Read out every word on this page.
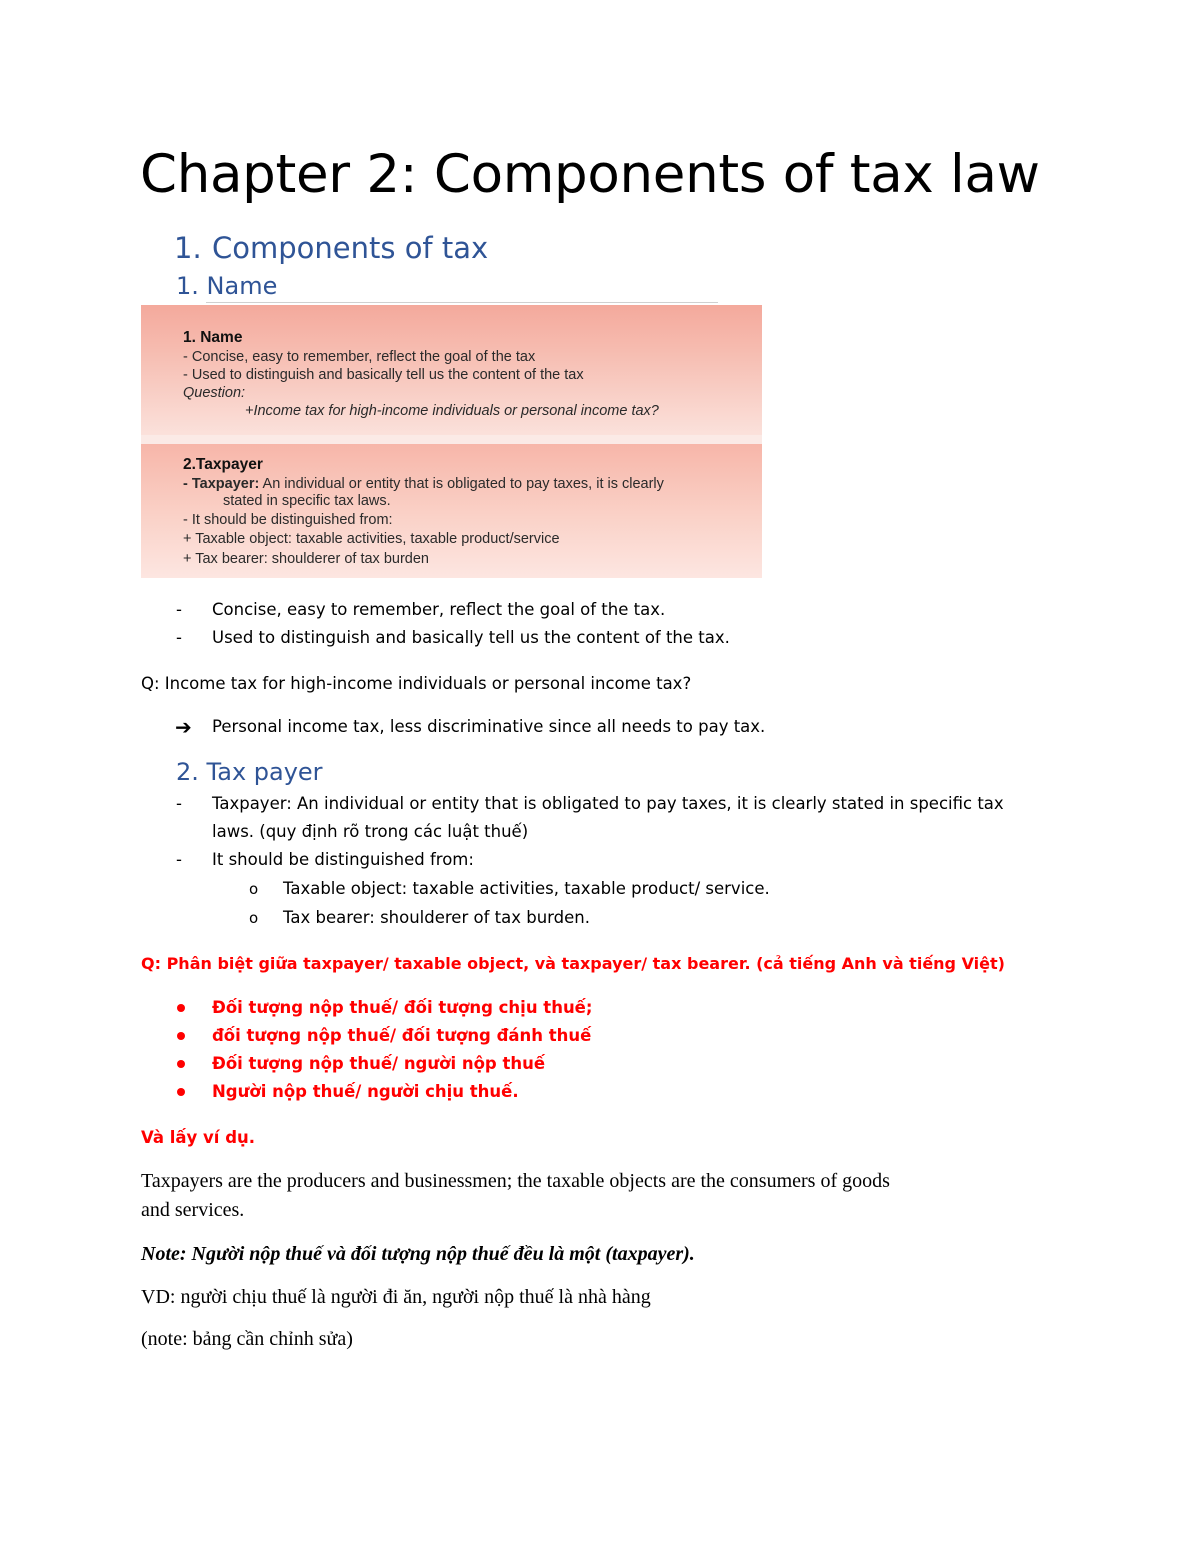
Chapter 2: Components of tax law
1. Components of tax
1. Name
1. Name
- Concise, easy to remember, reflect the goal of the tax
- Used to distinguish and basically tell us the content of the tax
Question:
+Income tax for high-income individuals or personal income tax?
2.Taxpayer
- Taxpayer: An individual or entity that is obligated to pay taxes, it is clearly
stated in specific tax laws.
- It should be distinguished from:
+ Taxable object: taxable activities, taxable product/service
+ Tax bearer: shoulderer of tax burden
- Concise, easy to remember, reflect the goal of the tax.
- Used to distinguish and basically tell us the content of the tax.
Q: Income tax for high-income individuals or personal income tax?
➔ Personal income tax, less discriminative since all needs to pay tax.
2. Tax payer
- Taxpayer: An individual or entity that is obligated to pay taxes, it is clearly stated in specific tax
laws. (quy định rõ trong các luật thuế)
- It should be distinguished from:
o Taxable object: taxable activities, taxable product/ service.
o Tax bearer: shoulderer of tax burden.
Q: Phân biệt giữa taxpayer/ taxable object, và taxpayer/ tax bearer. (cả tiếng Anh và tiếng Việt)
Đối tượng nộp thuế/ đối tượng chịu thuế;
đối tượng nộp thuế/ đối tượng đánh thuế
Đối tượng nộp thuế/ người nộp thuế
Người nộp thuế/ người chịu thuế.
Và lấy ví dụ.
Taxpayers are the producers and businessmen; the taxable objects are the consumers of goods
and services.
Note: Người nộp thuế và đối tượng nộp thuế đều là một (taxpayer).
VD: người chịu thuế là người đi ăn, người nộp thuế là nhà hàng
(note: bảng cần chỉnh sửa)
